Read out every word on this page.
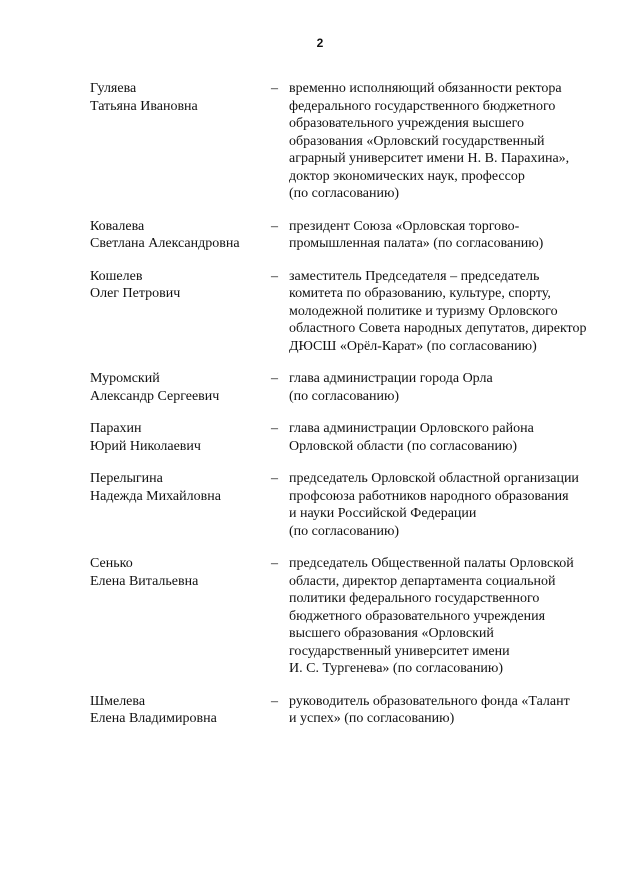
2
Гуляева
Татьяна Ивановна
– временно исполняющий обязанности ректора
федерального государственного бюджетного
образовательного учреждения высшего
образования «Орловский государственный
аграрный университет имени Н. В. Парахина»,
доктор экономических наук, профессор
(по согласованию)
Ковалева
Светлана Александровна
– президент Союза «Орловская торгово-
промышленная палата» (по согласованию)
Кошелев
Олег Петрович
– заместитель Председателя – председатель
комитета по образованию, культуре, спорту,
молодежной политике и туризму Орловского
областного Совета народных депутатов, директор
ДЮСШ «Орёл-Карат» (по согласованию)
Муромский
Александр Сергеевич
– глава администрации города Орла
(по согласованию)
Парахин
Юрий Николаевич
– глава администрации Орловского района
Орловской области (по согласованию)
Перелыгина
Надежда Михайловна
– председатель Орловской областной организации
профсоюза работников народного образования
и науки Российской Федерации
(по согласованию)
Сенько
Елена Витальевна
– председатель Общественной палаты Орловской
области, директор департамента социальной
политики федерального государственного
бюджетного образовательного учреждения
высшего образования «Орловский
государственный университет имени
И. С. Тургенева» (по согласованию)
Шмелева
Елена Владимировна
– руководитель образовательного фонда «Талант
и успех» (по согласованию)
